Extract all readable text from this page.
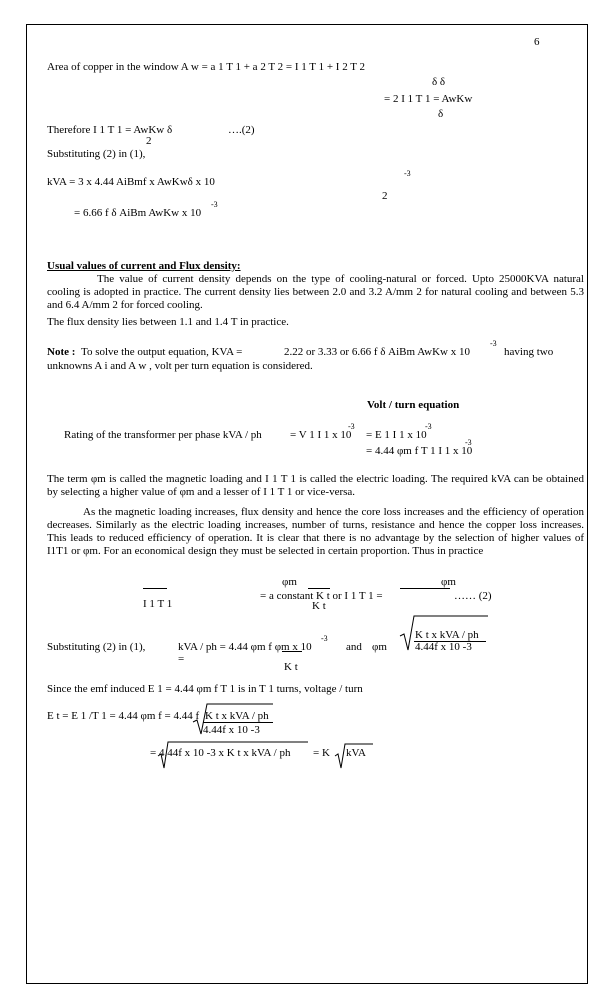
6
Area of copper in the window A w = a 1 T 1 + a 2 T 2 = I 1 T 1 + I 2 T 2
δ δ
= 2 I 1 T 1 = AwKw
δ
Therefore I 1 T 1 = AwKw δ
2
….(2)
Substituting (2) in (1),
kVA = 3 x 4.44 AiBmf x AwKwδ x 10
-3
2
= 6.66 f δ AiBm AwKw x 10
-3
Usual values of current and Flux density:
The value of current density depends on the type of cooling-natural or forced. Upto 25000KVA natural cooling is adopted in practice. The current density lies between 2.0 and 3.2 A/mm 2 for natural cooling and between 5.3 and 6.4 A/mm 2 for forced cooling.
The flux density lies between 1.1 and 1.4 T in practice.
Note : To solve the output equation, KVA =	2.22 or 3.33 or 6.66 f δ AiBm AwKw x 10
-3
having two
unknowns A i and A w , volt per turn equation is considered.
Volt / turn equation
Rating of the transformer per phase kVA / ph	= V 1 I 1 x 10
-3
= E 1 I 1 x 10
-3
= 4.44 φm f T 1 I 1 x 10
-3
The term φm is called the magnetic loading and I 1 T 1 is called the electric loading. The required kVA can be obtained by selecting a higher value of φm and a lesser of I 1 T 1 or vice-versa.
As the magnetic loading increases, flux density and hence the core loss increases and the efficiency of operation decreases. Similarly as the electric loading increases, number of turns, resistance and hence the copper loss increases. This leads to reduced efficiency of operation. It is clear that there is no advantage by the selection of higher values of I1T1 or φm. For an economical design they must be selected in certain proportion. Thus in practice
φm
I 1 T 1
= a constant K t or I 1 T 1 =
K t
φm
…… (2)
Substituting (2) in (1),	kVA / ph = 4.44 φm f φm x 10
-3
=
K t
and φm
K t x kVA / ph
4.44f x 10 -3
Since the emf induced E 1 = 4.44 φm f T 1 is in T 1 turns, voltage / turn
E t = E 1 /T 1 = 4.44 φm f = 4.44 f K t x kVA / ph
4.44f x 10 -3
= 4.44f x 10 -3 x K t x kVA / ph = K kVA
